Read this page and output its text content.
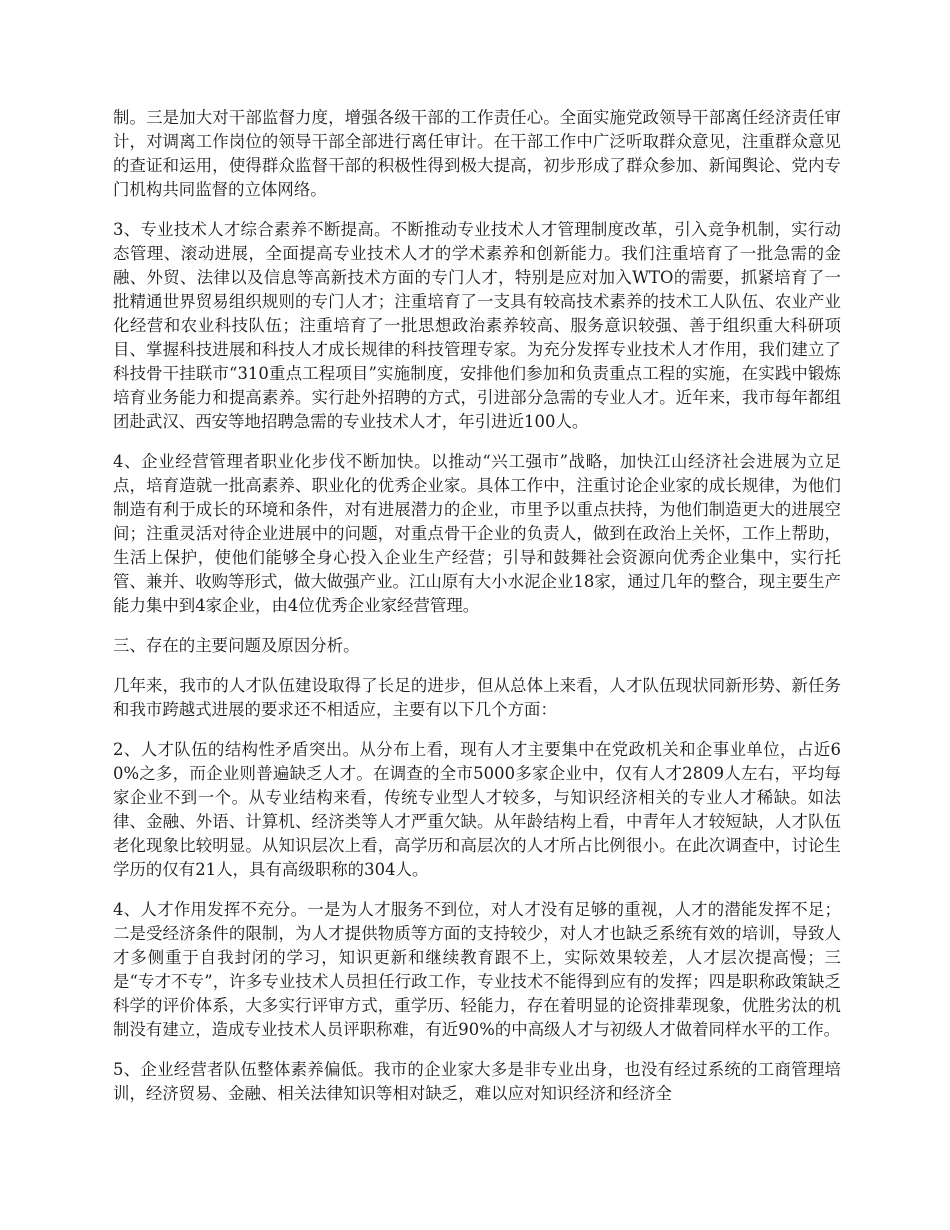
制。三是加大对干部监督力度，增强各级干部的工作责任心。全面实施党政领导干部离任经济责任审计，对调离工作岗位的领导干部全部进行离任审计。在干部工作中广泛听取群众意见，注重群众意见的查证和运用，使得群众监督干部的积极性得到极大提高，初步形成了群众参加、新闻舆论、党内专门机构共同监督的立体网络。

3、专业技术人才综合素养不断提高。不断推动专业技术人才管理制度改革，引入竞争机制，实行动态管理、滚动进展，全面提高专业技术人才的学术素养和创新能力。我们注重培育了一批急需的金融、外贸、法律以及信息等高新技术方面的专门人才，特别是应对加入WTO的需要，抓紧培育了一批精通世界贸易组织规则的专门人才；注重培育了一支具有较高技术素养的技术工人队伍、农业产业化经营和农业科技队伍；注重培育了一批思想政治素养较高、服务意识较强、善于组织重大科研项目、掌握科技进展和科技人才成长规律的科技管理专家。为充分发挥专业技术人才作用，我们建立了科技骨干挂联市“310重点工程项目”实施制度，安排他们参加和负责重点工程的实施，在实践中锻炼培育业务能力和提高素养。实行赴外招聘的方式，引进部分急需的专业人才。近年来，我市每年都组团赴武汉、西安等地招聘急需的专业技术人才，年引进近100人。

4、企业经营管理者职业化步伐不断加快。以推动“兴工强市”战略，加快江山经济社会进展为立足点，培育造就一批高素养、职业化的优秀企业家。具体工作中，注重讨论企业家的成长规律，为他们制造有利于成长的环境和条件，对有进展潜力的企业，市里予以重点扶持，为他们制造更大的进展空间；注重灵活对待企业进展中的问题，对重点骨干企业的负责人，做到在政治上关怀，工作上帮助，生活上保护，使他们能够全身心投入企业生产经营；引导和鼓舞社会资源向优秀企业集中，实行托管、兼并、收购等形式，做大做强产业。江山原有大小水泥企业18家，通过几年的整合，现主要生产能力集中到4家企业，由4位优秀企业家经营管理。

三、存在的主要问题及原因分析。

几年来，我市的人才队伍建设取得了长足的进步，但从总体上来看，人才队伍现状同新形势、新任务和我市跨越式进展的要求还不相适应，主要有以下几个方面：

2、人才队伍的结构性矛盾突出。从分布上看，现有人才主要集中在党政机关和企事业单位，占近60%之多，而企业则普遍缺乏人才。在调查的全市5000多家企业中，仅有人才2809人左右，平均每家企业不到一个。从专业结构来看，传统专业型人才较多，与知识经济相关的专业人才稀缺。如法律、金融、外语、计算机、经济类等人才严重欠缺。从年龄结构上看，中青年人才较短缺，人才队伍老化现象比较明显。从知识层次上看，高学历和高层次的人才所占比例很小。在此次调查中，讨论生学历的仅有21人，具有高级职称的304人。

4、人才作用发挥不充分。一是为人才服务不到位，对人才没有足够的重视，人才的潜能发挥不足；二是受经济条件的限制，为人才提供物质等方面的支持较少，对人才也缺乏系统有效的培训，导致人才多侧重于自我封闭的学习，知识更新和继续教育跟不上，实际效果较差，人才层次提高慢；三是“专才不专”，许多专业技术人员担任行政工作，专业技术不能得到应有的发挥；四是职称政策缺乏科学的评价体系，大多实行评审方式，重学历、轻能力，存在着明显的论资排辈现象，优胜劣汰的机制没有建立，造成专业技术人员评职称难，有近90%的中高级人才与初级人才做着同样水平的工作。

5、企业经营者队伍整体素养偏低。我市的企业家大多是非专业出身，也没有经过系统的工商管理培训，经济贸易、金融、相关法律知识等相对缺乏，难以应对知识经济和经济全
